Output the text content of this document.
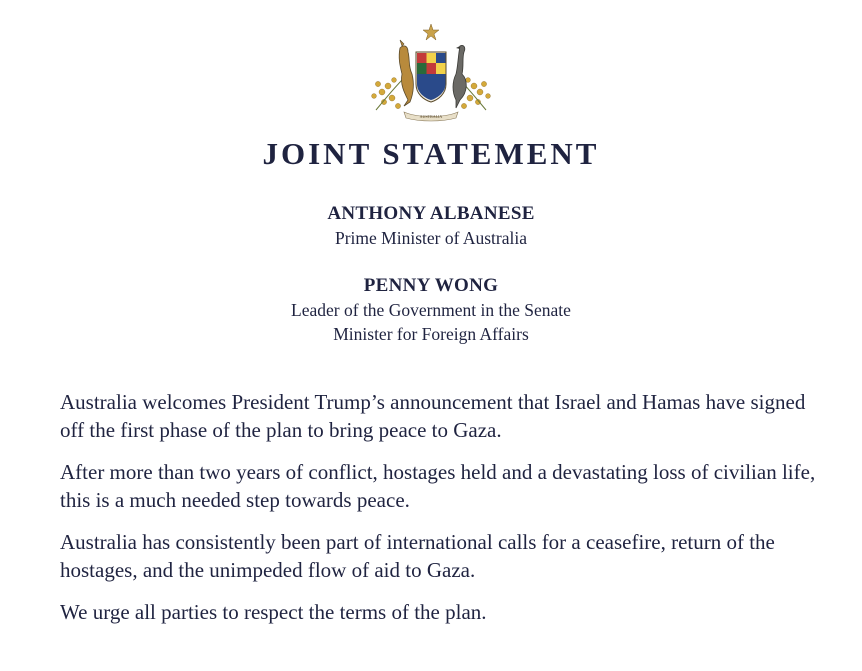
AUSTRALIA
JOINT STATEMENT
ANTHONY ALBANESE
Prime Minister of Australia
PENNY WONG
Leader of the Government in the Senate
Minister for Foreign Affairs

Australia welcomes President Trump’s announcement that Israel and Hamas have signed off the first phase of the plan to bring peace to Gaza.

After more than two years of conflict, hostages held and a devastating loss of civilian life, this is a much needed step towards peace.

Australia has consistently been part of international calls for a ceasefire, return of the hostages, and the unimpeded flow of aid to Gaza.

We urge all parties to respect the terms of the plan.
